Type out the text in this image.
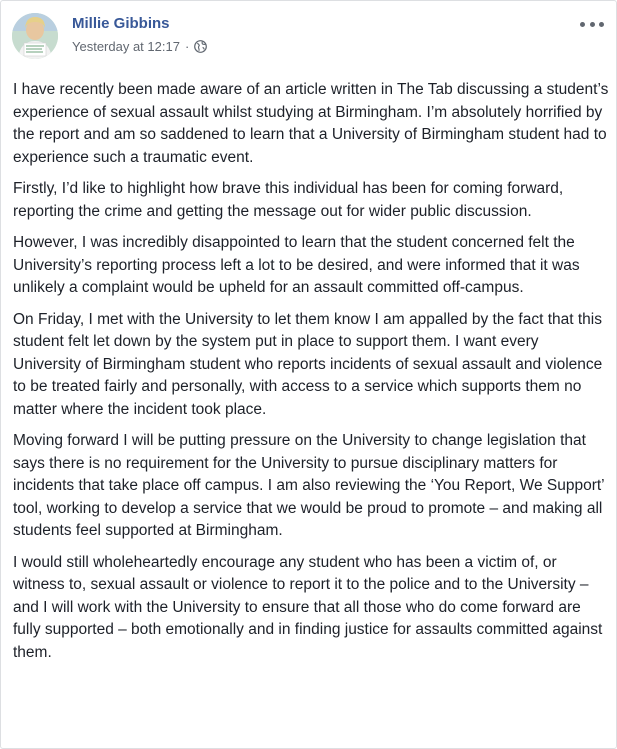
Millie Gibbins
Yesterday at 12:17 ·

I have recently been made aware of an article written in The Tab discussing a student’s experience of sexual assault whilst studying at Birmingham. I’m absolutely horrified by the report and am so saddened to learn that a University of Birmingham student had to experience such a traumatic event.

Firstly, I’d like to highlight how brave this individual has been for coming forward, reporting the crime and getting the message out for wider public discussion.

However, I was incredibly disappointed to learn that the student concerned felt the University’s reporting process left a lot to be desired, and were informed that it was unlikely a complaint would be upheld for an assault committed off-campus.

On Friday, I met with the University to let them know I am appalled by the fact that this student felt let down by the system put in place to support them. I want every University of Birmingham student who reports incidents of sexual assault and violence to be treated fairly and personally, with access to a service which supports them no matter where the incident took place.

Moving forward I will be putting pressure on the University to change legislation that says there is no requirement for the University to pursue disciplinary matters for incidents that take place off campus. I am also reviewing the ‘You Report, We Support’ tool, working to develop a service that we would be proud to promote – and making all students feel supported at Birmingham.

I would still wholeheartedly encourage any student who has been a victim of, or witness to, sexual assault or violence to report it to the police and to the University – and I will work with the University to ensure that all those who do come forward are fully supported – both emotionally and in finding justice for assaults committed against them.
